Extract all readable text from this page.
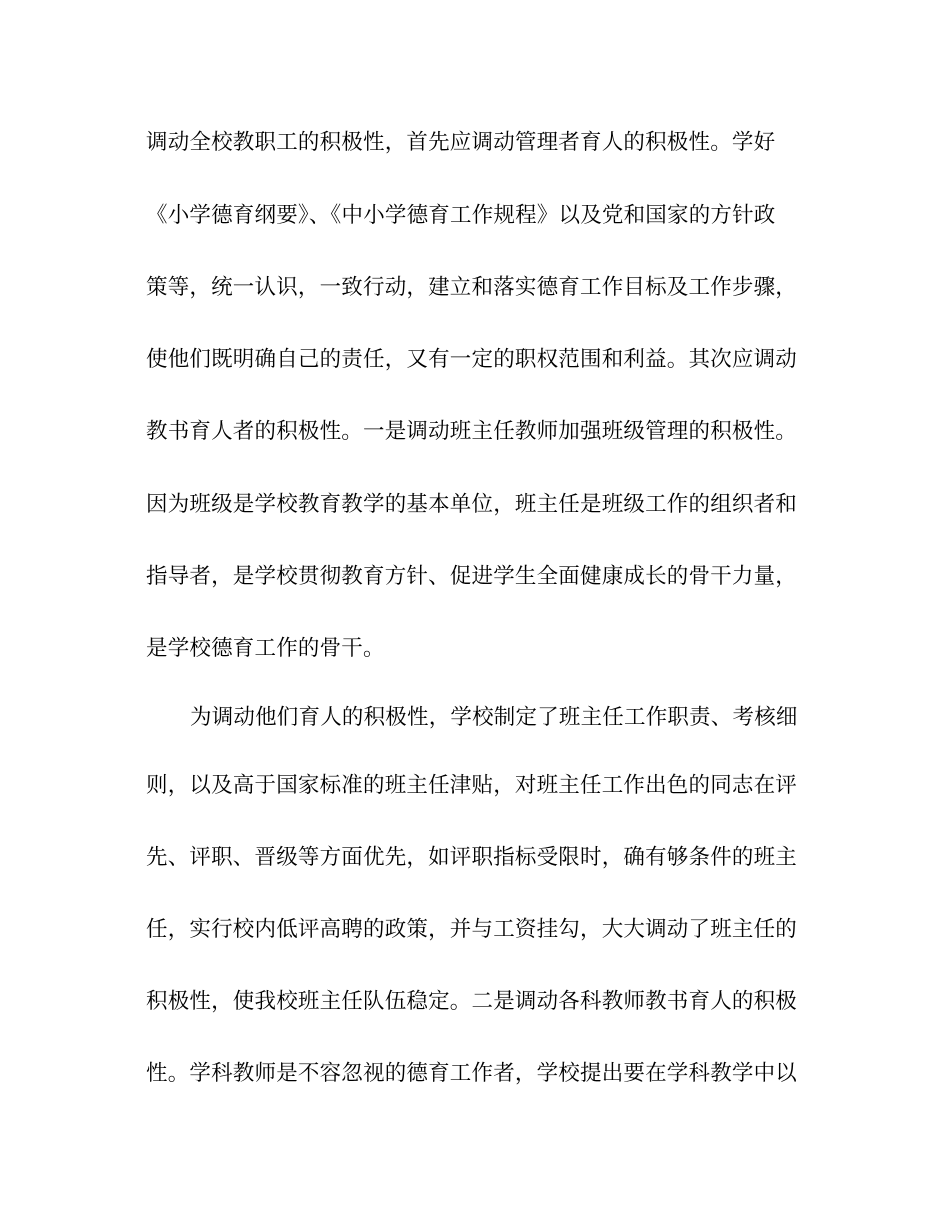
调动全校教职工的积极性，首先应调动管理者育人的积极性。学好
《小学德育纲要》、《中小学德育工作规程》以及党和国家的方针政
策等，统一认识，一致行动，建立和落实德育工作目标及工作步骤，
使他们既明确自己的责任，又有一定的职权范围和利益。其次应调动
教书育人者的积极性。一是调动班主任教师加强班级管理的积极性。
因为班级是学校教育教学的基本单位，班主任是班级工作的组织者和
指导者，是学校贯彻教育方针、促进学生全面健康成长的骨干力量，
是学校德育工作的骨干。
为调动他们育人的积极性，学校制定了班主任工作职责、考核细
则，以及高于国家标准的班主任津贴，对班主任工作出色的同志在评
先、评职、晋级等方面优先，如评职指标受限时，确有够条件的班主
任，实行校内低评高聘的政策，并与工资挂勾，大大调动了班主任的
积极性，使我校班主任队伍稳定。二是调动各科教师教书育人的积极
性。学科教师是不容忽视的德育工作者，学校提出要在学科教学中以
